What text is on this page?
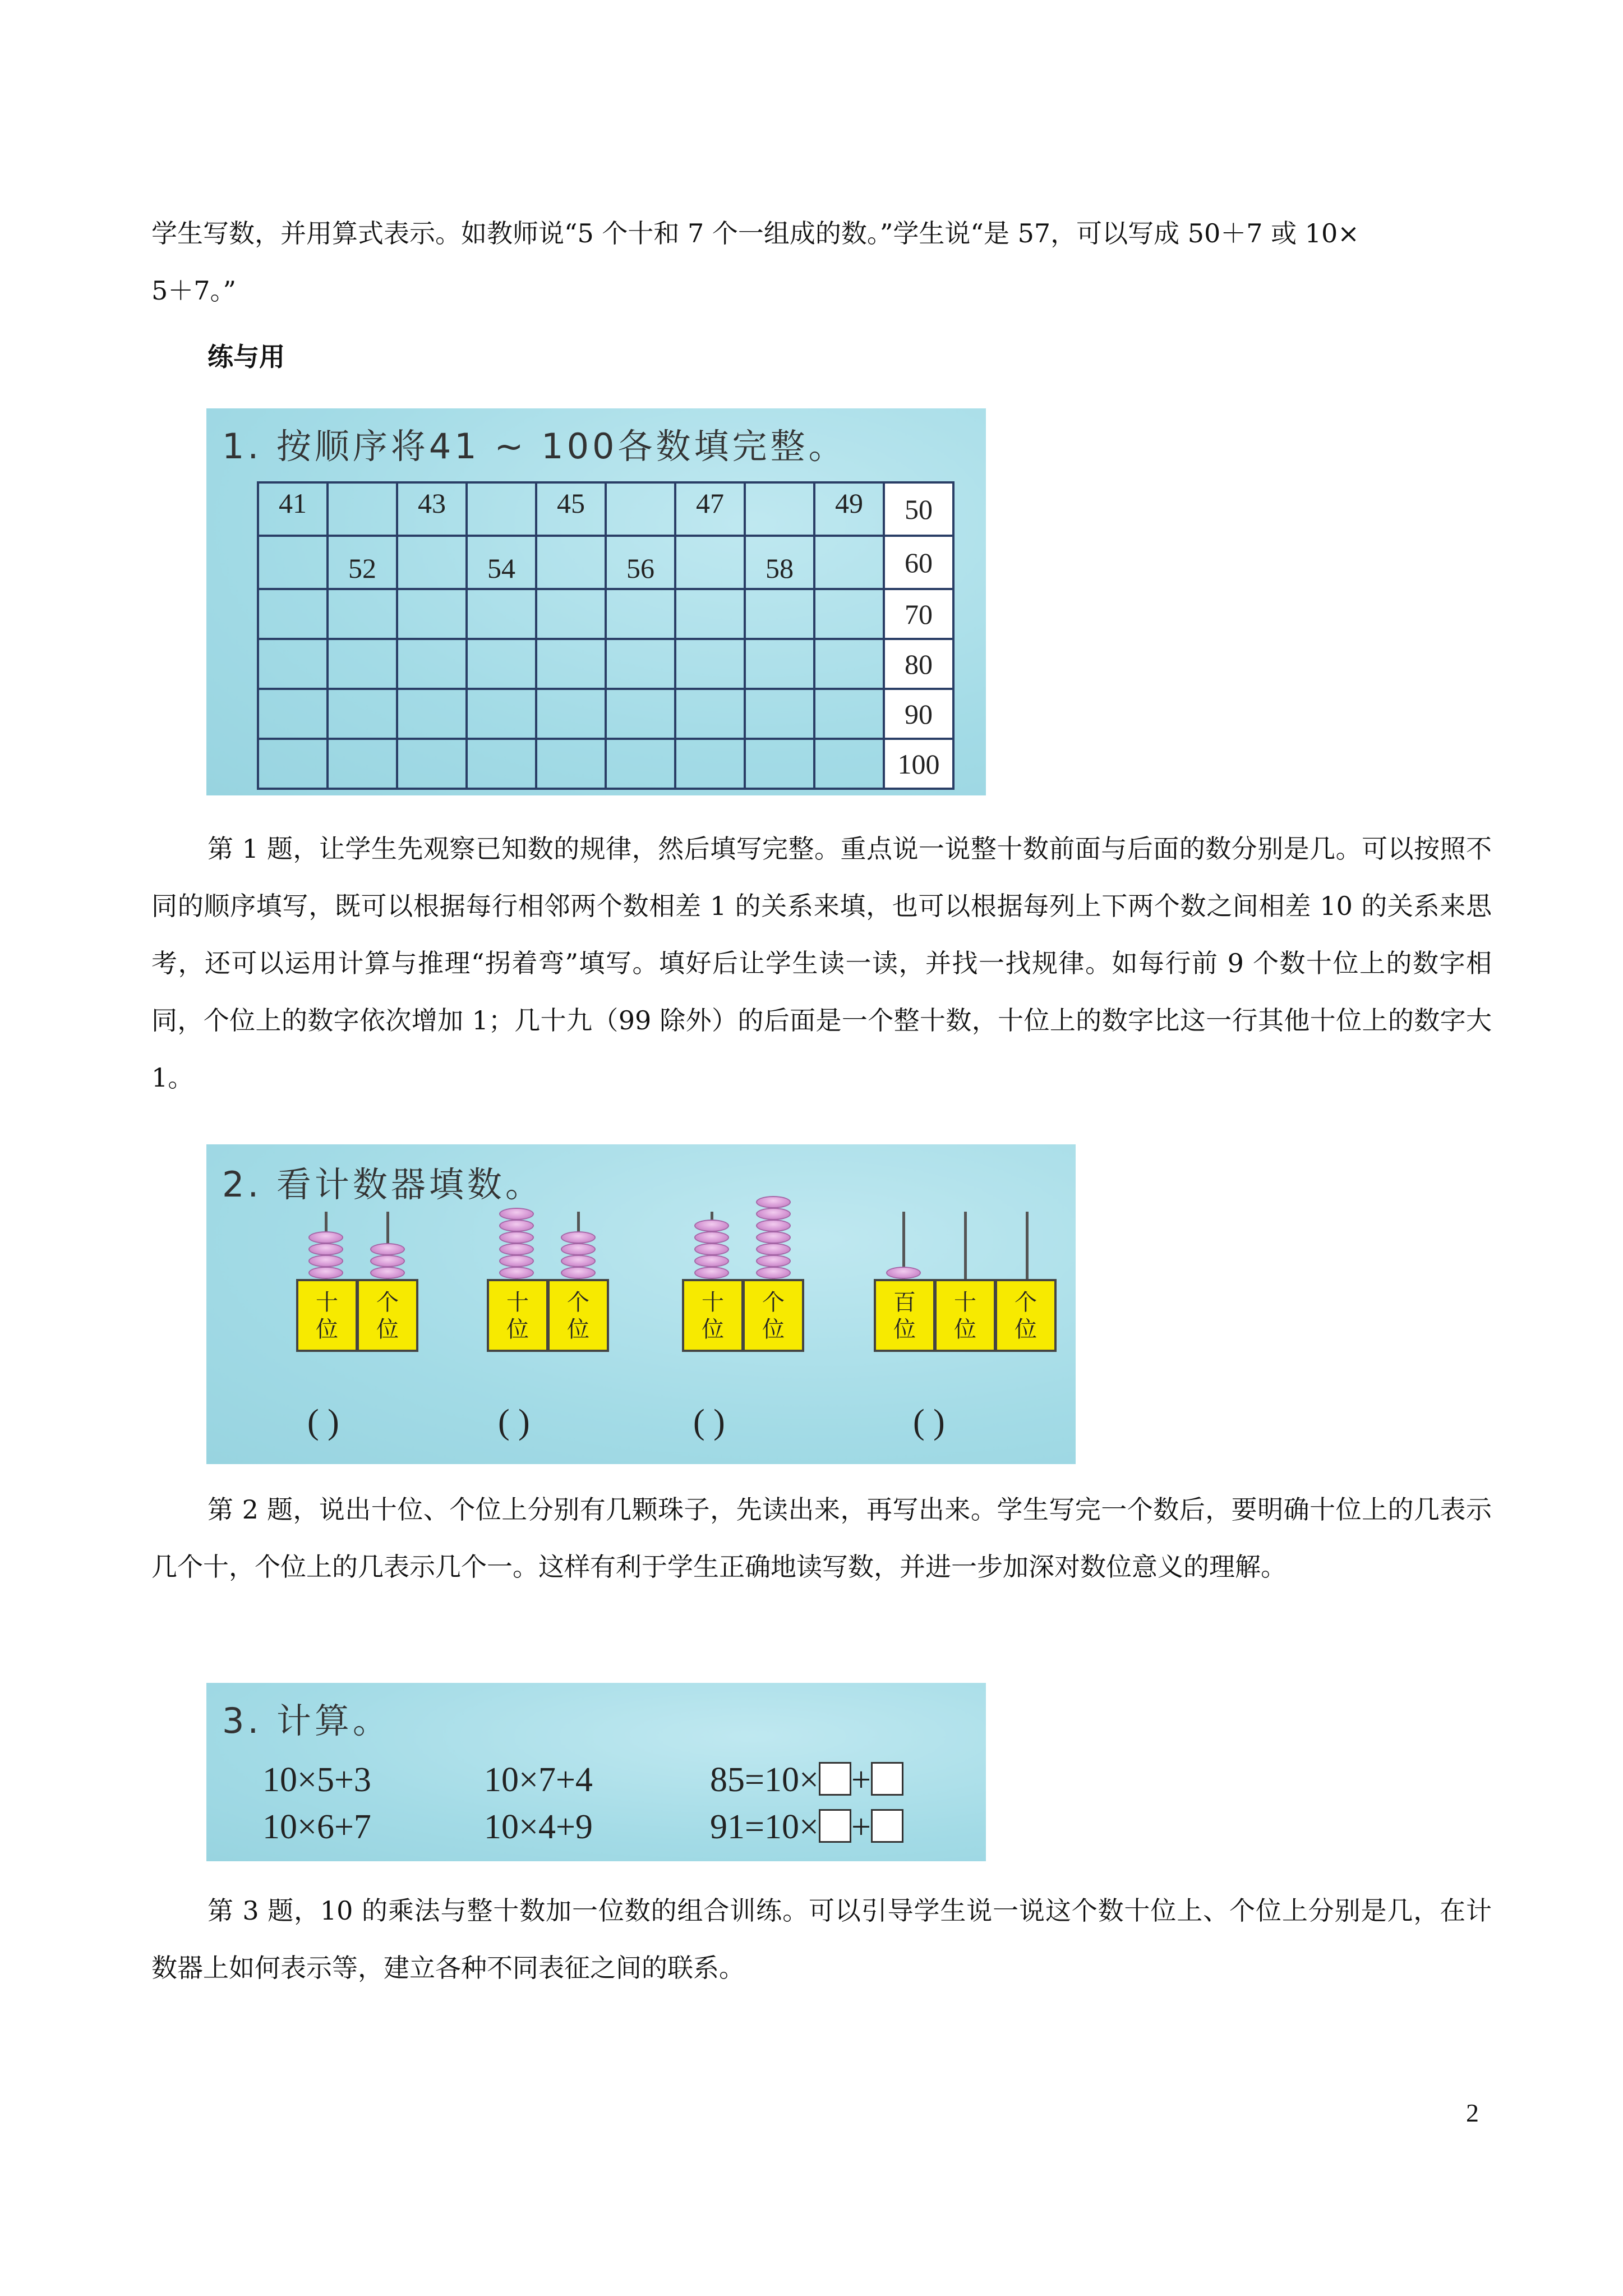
学生写数，并用算式表示。如教师说“5 个十和 7 个一组成的数。”学生说“是 57，可以写成 50＋7 或 10×

5＋7。”

练与用
1. 按顺序将41 ~ 100各数填完整。
41		43		45		47		49	50
	52		54		56		58		60
									70
									80
									90
									100

第 1 题，让学生先观察已知数的规律，然后填写完整。重点说一说整十数前面与后面的数分别是几。可以按照不同的顺序填写，既可以根据每行相邻两个数相差 1 的关系来填，也可以根据每列上下两个数之间相差 10 的关系来思考，还可以运用计算与推理“拐着弯”填写。填好后让学生读一读，并找一找规律。如每行前 9 个数十位上的数字相同，个位上的数字依次增加 1；几十九（99 除外）的后面是一个整十数，十位上的数字比这一行其他十位上的数字大 1。

2. 看计数器填数。
十位
个位
( )
十位
个位
( )
十位
个位
( )
百位
十位
个位
( )

第 2 题，说出十位、个位上分别有几颗珠子，先读出来，再写出来。学生写完一个数后，要明确十位上的几表示几个十，个位上的几表示几个一。这样有利于学生正确地读写数，并进一步加深对数位意义的理解。

3. 计算。
10×5+3	10×7+4	85=10× +
10×6+7	10×4+9	91=10× +

第 3 题，10 的乘法与整十数加一位数的组合训练。可以引导学生说一说这个数十位上、个位上分别是几，在计数器上如何表示等，建立各种不同表征之间的联系。

2
